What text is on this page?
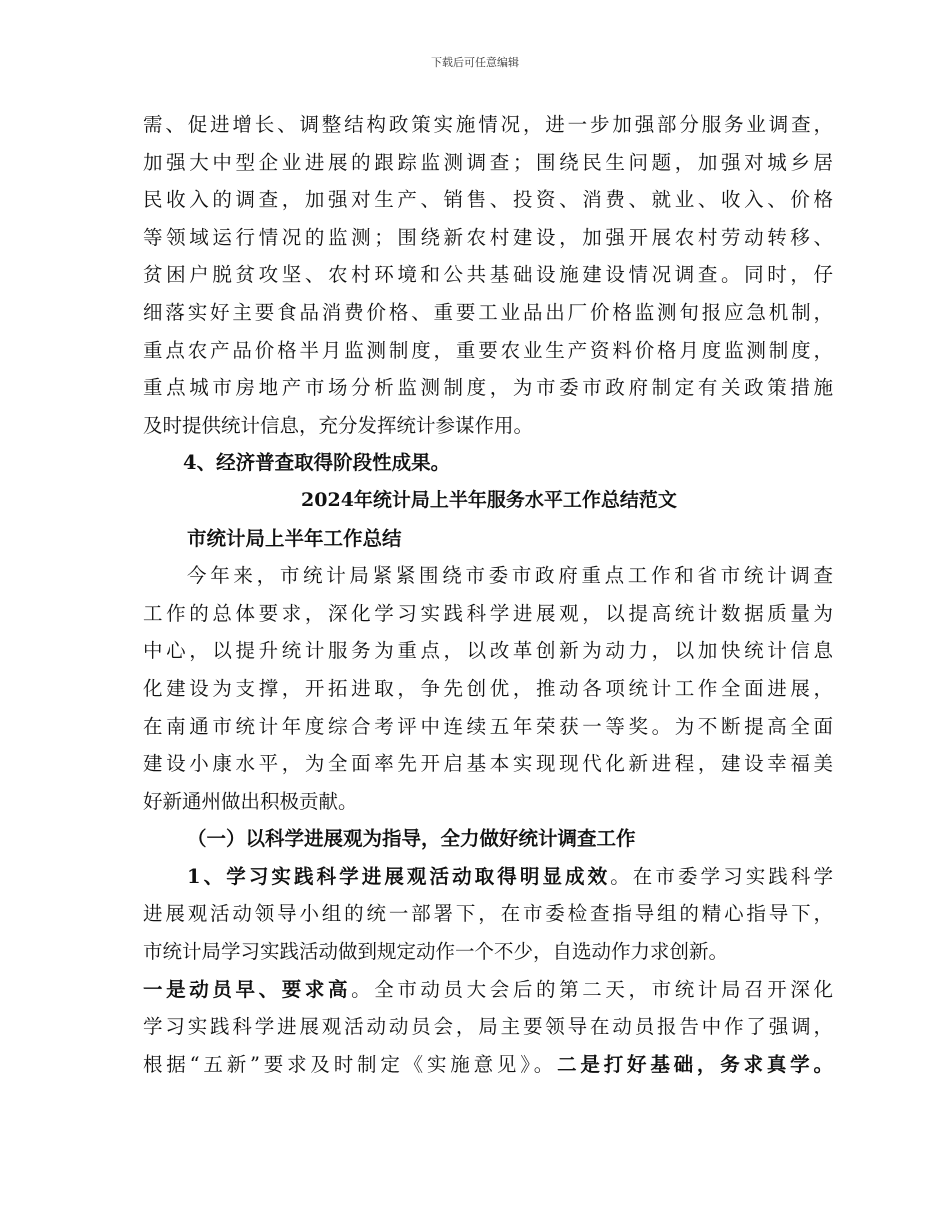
下载后可任意编辑
需、促进增长、调整结构政策实施情况，进一步加强部分服务业调查，
加强大中型企业进展的跟踪监测调查；围绕民生问题，加强对城乡居
民收入的调查，加强对生产、销售、投资、消费、就业、收入、价格
等领域运行情况的监测；围绕新农村建设，加强开展农村劳动转移、
贫困户脱贫攻坚、农村环境和公共基础设施建设情况调查。同时，仔
细落实好主要食品消费价格、重要工业品出厂价格监测旬报应急机制，
重点农产品价格半月监测制度，重要农业生产资料价格月度监测制度，
重点城市房地产市场分析监测制度，为市委市政府制定有关政策措施
及时提供统计信息，充分发挥统计参谋作用。
4、经济普查取得阶段性成果。
2024年统计局上半年服务水平工作总结范文
市统计局上半年工作总结
今年来，市统计局紧紧围绕市委市政府重点工作和省市统计调查
工作的总体要求，深化学习实践科学进展观，以提高统计数据质量为
中心，以提升统计服务为重点，以改革创新为动力，以加快统计信息
化建设为支撑，开拓进取，争先创优，推动各项统计工作全面进展，
在南通市统计年度综合考评中连续五年荣获一等奖。为不断提高全面
建设小康水平，为全面率先开启基本实现现代化新进程，建设幸福美
好新通州做出积极贡献。
（一）以科学进展观为指导，全力做好统计调查工作
1、学习实践科学进展观活动取得明显成效。在市委学习实践科学
进展观活动领导小组的统一部署下，在市委检查指导组的精心指导下，
市统计局学习实践活动做到规定动作一个不少，自选动作力求创新。
一是动员早、要求高。全市动员大会后的第二天，市统计局召开深化
学习实践科学进展观活动动员会，局主要领导在动员报告中作了强调，
根据“五新”要求及时制定《实施意见》。二是打好基础，务求真学。
